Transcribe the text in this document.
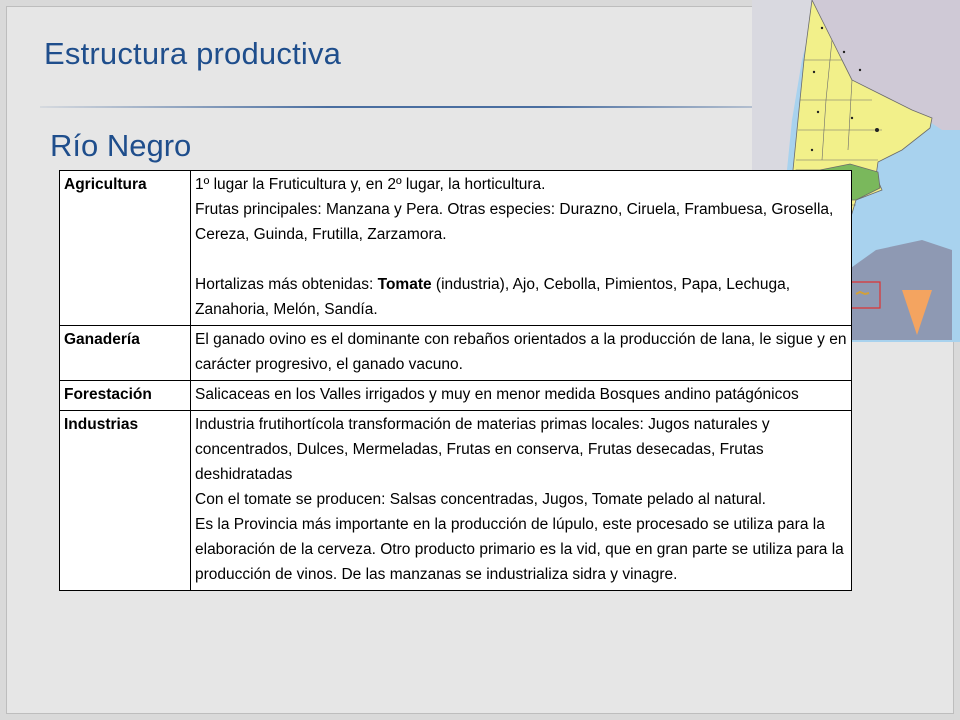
Estructura productiva
Río Negro
Agricultura	1º lugar la Fruticultura y, en 2º lugar, la horticultura.
Frutas principales: Manzana y Pera. Otras especies: Durazno, Ciruela, Frambuesa, Grosella, Cereza, Guinda, Frutilla, Zarzamora.
Hortalizas más obtenidas: Tomate (industria), Ajo, Cebolla, Pimientos, Papa, Lechuga, Zanahoria, Melón, Sandía.

Ganadería	El ganado ovino es el dominante con rebaños orientados a la producción de lana, le sigue y en carácter progresivo, el ganado vacuno.
Forestación	Salicaceas en los Valles irrigados y muy en menor medida Bosques andino patágónicos
Industrias	Industria frutihortícola transformación de materias primas locales: Jugos naturales y concentrados, Dulces, Mermeladas, Frutas en conserva, Frutas desecadas, Frutas deshidratadas
Con el tomate se producen: Salsas concentradas, Jugos, Tomate pelado al natural.
Es la Provincia más importante en la producción de lúpulo, este procesado se utiliza para la elaboración de la cerveza. Otro producto primario es la vid, que en gran parte se utiliza para la producción de vinos. De las manzanas se industrializa sidra y vinagre.
